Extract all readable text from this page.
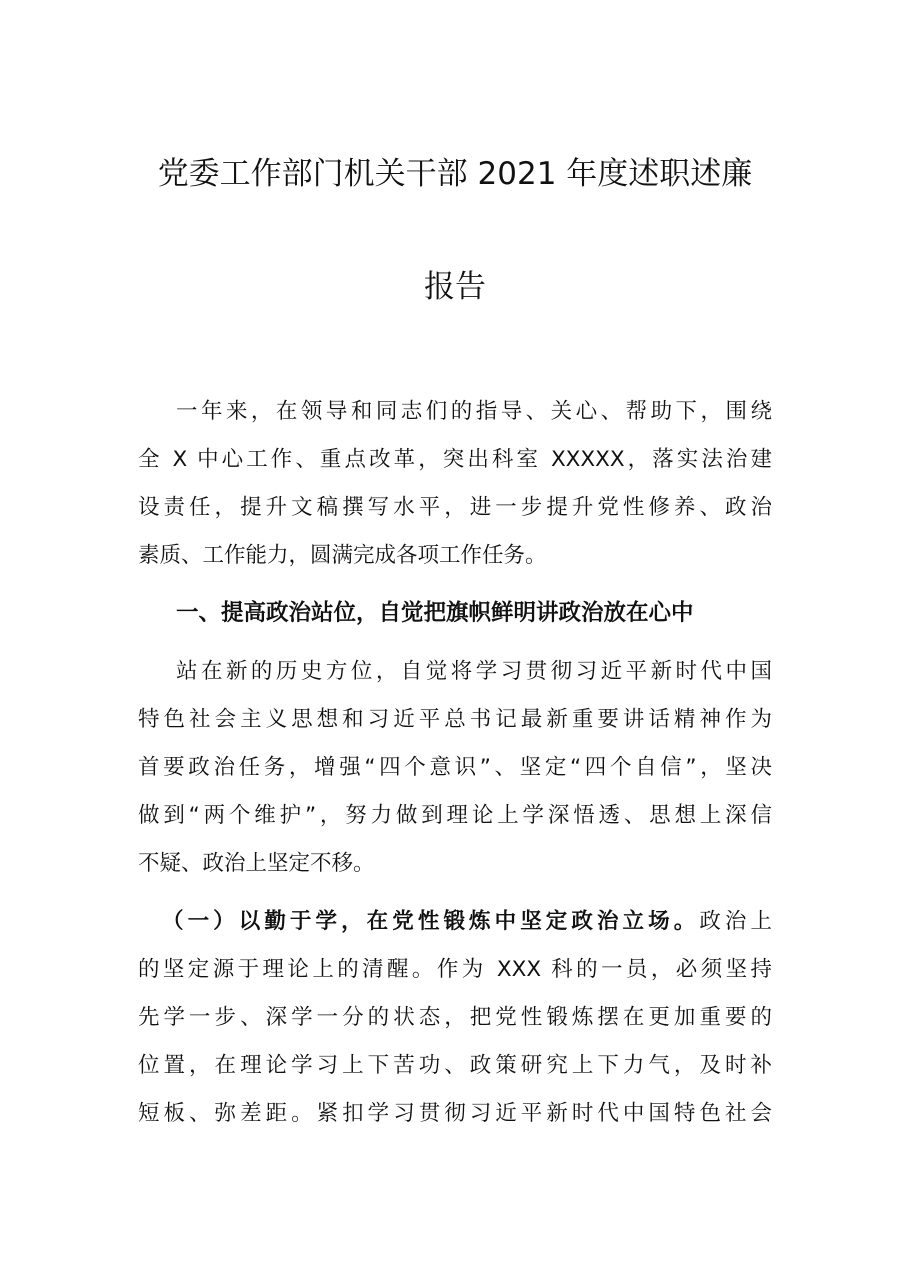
党委工作部门机关干部 2021 年度述职述廉
报告

一年来，在领导和同志们的指导、关心、帮助下，围绕
全 X 中心工作、重点改革，突出科室 XXXXX，落实法治建
设责任，提升文稿撰写水平，进一步提升党性修养、政治
素质、工作能力，圆满完成各项工作任务。

一、提高政治站位，自觉把旗帜鲜明讲政治放在心中

站在新的历史方位，自觉将学习贯彻习近平新时代中国
特色社会主义思想和习近平总书记最新重要讲话精神作为
首要政治任务，增强“四个意识”、坚定“四个自信”，坚决
做到“两个维护”，努力做到理论上学深悟透、思想上深信
不疑、政治上坚定不移。

（一）以勤于学，在党性锻炼中坚定政治立场。政治上
的坚定源于理论上的清醒。作为 XXX 科的一员，必须坚持
先学一步、深学一分的状态，把党性锻炼摆在更加重要的
位置，在理论学习上下苦功、政策研究上下力气，及时补
短板、弥差距。紧扣学习贯彻习近平新时代中国特色社会
